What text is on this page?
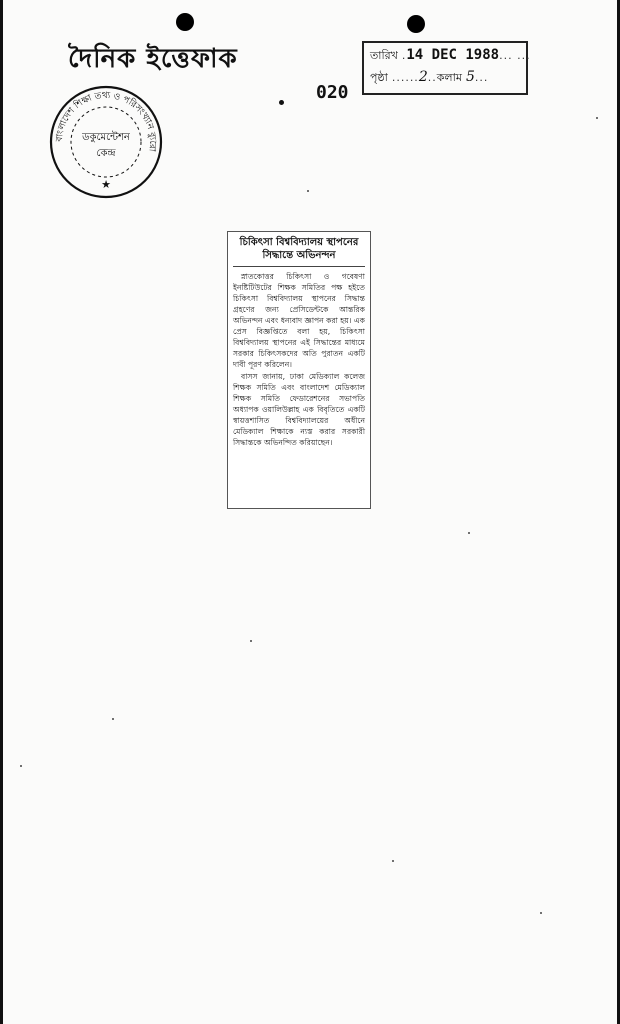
দৈনিক ইত্তেফাক
বাংলাদেশ শিক্ষা তথ্য ও পরিসংখ্যান ব্যুরো
ডকুমেন্টেশন
কেন্দ্র
★
020
তারিখ . 14 DEC 1988 ... ...
পৃষ্ঠা ...... 2 .. কলাম 5 ...
চিকিৎসা বিশ্ববিদ্যালয় স্থাপনের সিদ্ধান্তে অভিনন্দন

স্নাতকোত্তর চিকিৎসা ও গবেষণা ইনষ্টিটিউটের শিক্ষক সমিতির পক্ষ হইতে চিকিৎসা বিশ্ববিদ্যালয় স্থাপনের সিদ্ধান্ত গ্রহণের জন্য প্রেসিডেন্টকে আন্তরিক অভিনন্দন এবং ধন্যবাদ জ্ঞাপন করা হয়। এক প্রেস বিজ্ঞপ্তিতে বলা হয়, চিকিৎসা বিশ্ববিদ্যালয় স্থাপনের এই সিদ্ধান্তের মাধ্যমে সরকার চিকিৎসকদের অতি পুরাতন একটি দাবী পূরণ করিলেন।

বাসস জানায়, ঢাকা মেডিক্যাল কলেজ শিক্ষক সমিতি এবং বাংলাদেশ মেডিক্যাল শিক্ষক সমিতি ফেডারেশনের সভাপতি অধ্যাপক ওয়ালিউল্লাহ এক বিবৃতিতে একটি স্বায়ত্তশাসিত বিশ্ববিদ্যালয়ের অধীনে মেডিক্যাল শিক্ষাকে ন্যস্ত করার সরকারী সিদ্ধান্তকে অভিনন্দিত করিয়াছেন।
